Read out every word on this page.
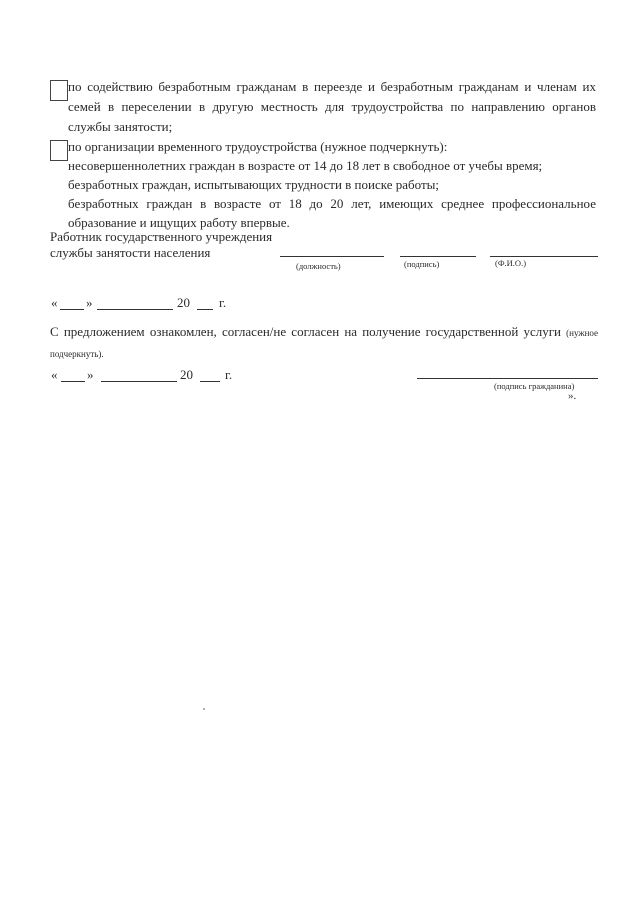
по содействию безработным гражданам в переезде и безработным гражданам и членам их семей в переселении в другую местность для трудоустройства по направлению органов службы занятости;

по организации временного трудоустройства (нужное подчеркнуть):

несовершеннолетних граждан в возрасте от 14 до 18 лет в свободное от учебы время;

безработных граждан, испытывающих трудности в поиске работы;

безработных граждан в возрасте от 18 до 20 лет, имеющих среднее профессиональное образование и ищущих работу впервые.

Работник государственного учреждения
службы занятости населения
(должность)	(подпись)	(Ф.И.О.)
« »	20 г.
С предложением ознакомлен, согласен/не согласен на получение государственной услуги (нужное подчеркнуть).
« »	20 г.
(подпись гражданина)
».
